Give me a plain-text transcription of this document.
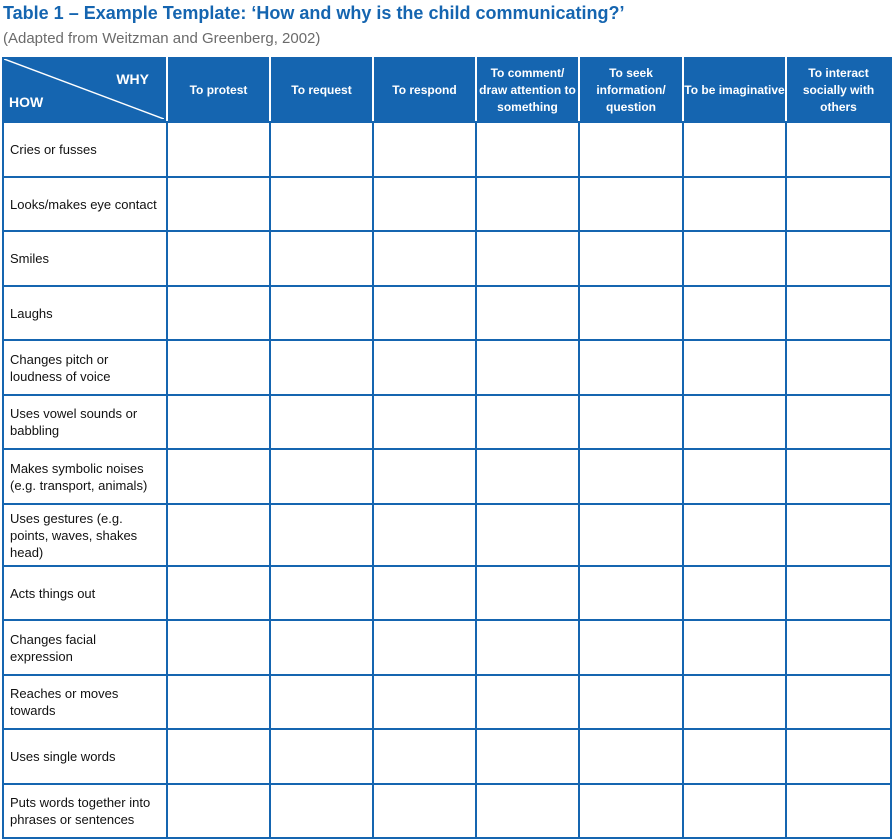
Table 1 – Example Template: ‘How and why is the child communicating?’
(Adapted from Weitzman and Greenberg, 2002)
WHY
HOW	To protest	To request	To respond	To comment/ draw attention to something	To seek information/ question	To be imaginative	To interact socially with others
Cries or fusses							
Looks/makes eye contact							
Smiles							
Laughs							
Changes pitch or loudness of voice							
Uses vowel sounds or babbling							
Makes symbolic noises (e.g. transport, animals)							
Uses gestures (e.g. points, waves, shakes head)							
Acts things out							
Changes facial expression							
Reaches or moves towards							
Uses single words							
Puts words together into phrases or sentences							
